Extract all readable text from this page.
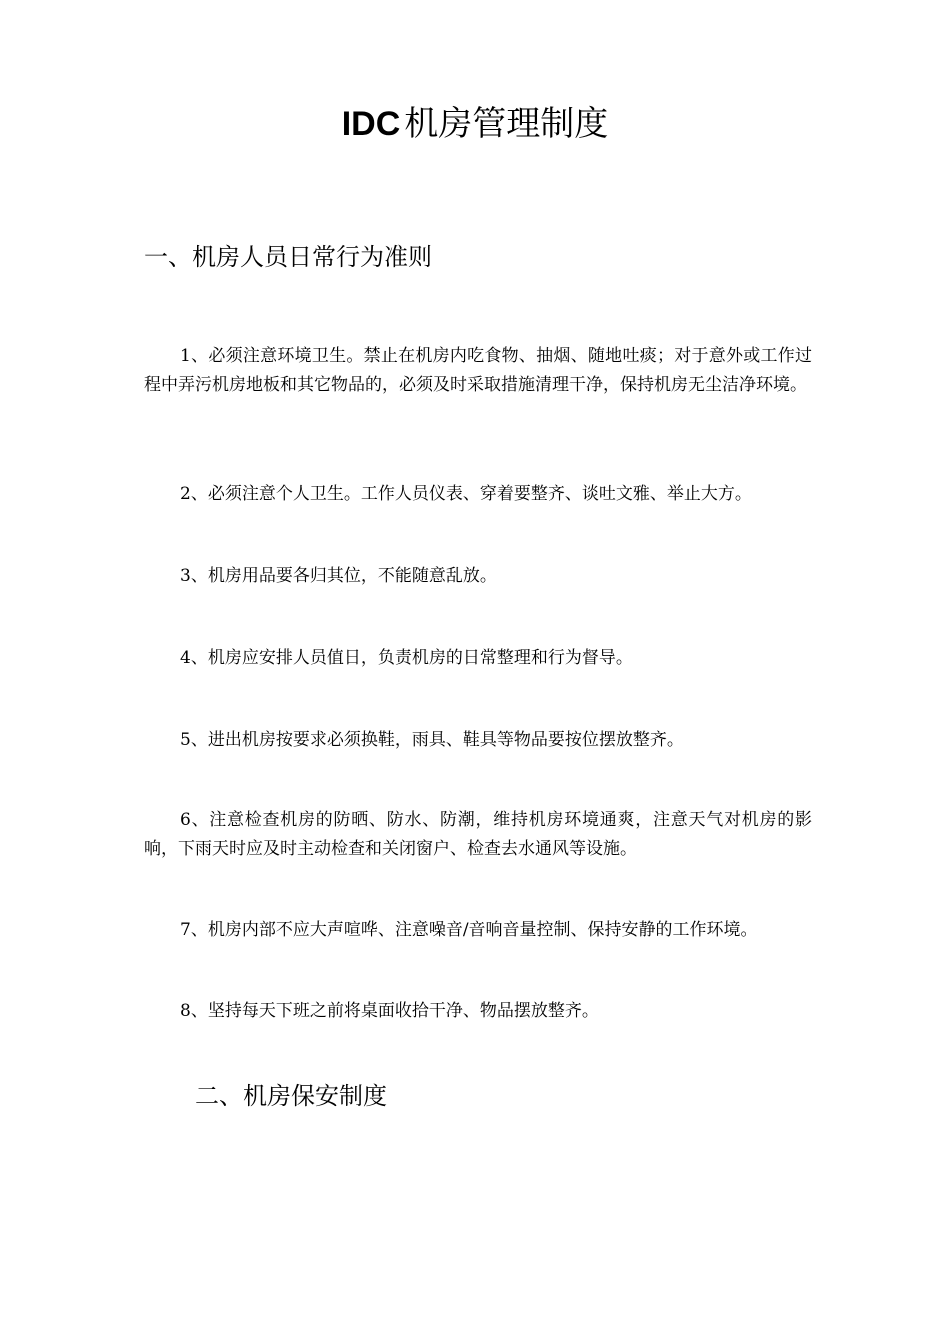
IDC 机房管理制度
一、机房人员日常行为准则

1、必须注意环境卫生。禁止在机房内吃食物、抽烟、随地吐痰；对于意外或工作过程中弄污机房地板和其它物品的，必须及时采取措施清理干净，保持机房无尘洁净环境。

2、必须注意个人卫生。工作人员仪表、穿着要整齐、谈吐文雅、举止大方。

3、机房用品要各归其位，不能随意乱放。

4、机房应安排人员值日，负责机房的日常整理和行为督导。

5、进出机房按要求必须换鞋，雨具、鞋具等物品要按位摆放整齐。

6、注意检查机房的防晒、防水、防潮，维持机房环境通爽，注意天气对机房的影响，下雨天时应及时主动检查和关闭窗户、检查去水通风等设施。

7、机房内部不应大声喧哗、注意噪音/音响音量控制、保持安静的工作环境。

8、坚持每天下班之前将桌面收拾干净、物品摆放整齐。

二、机房保安制度
